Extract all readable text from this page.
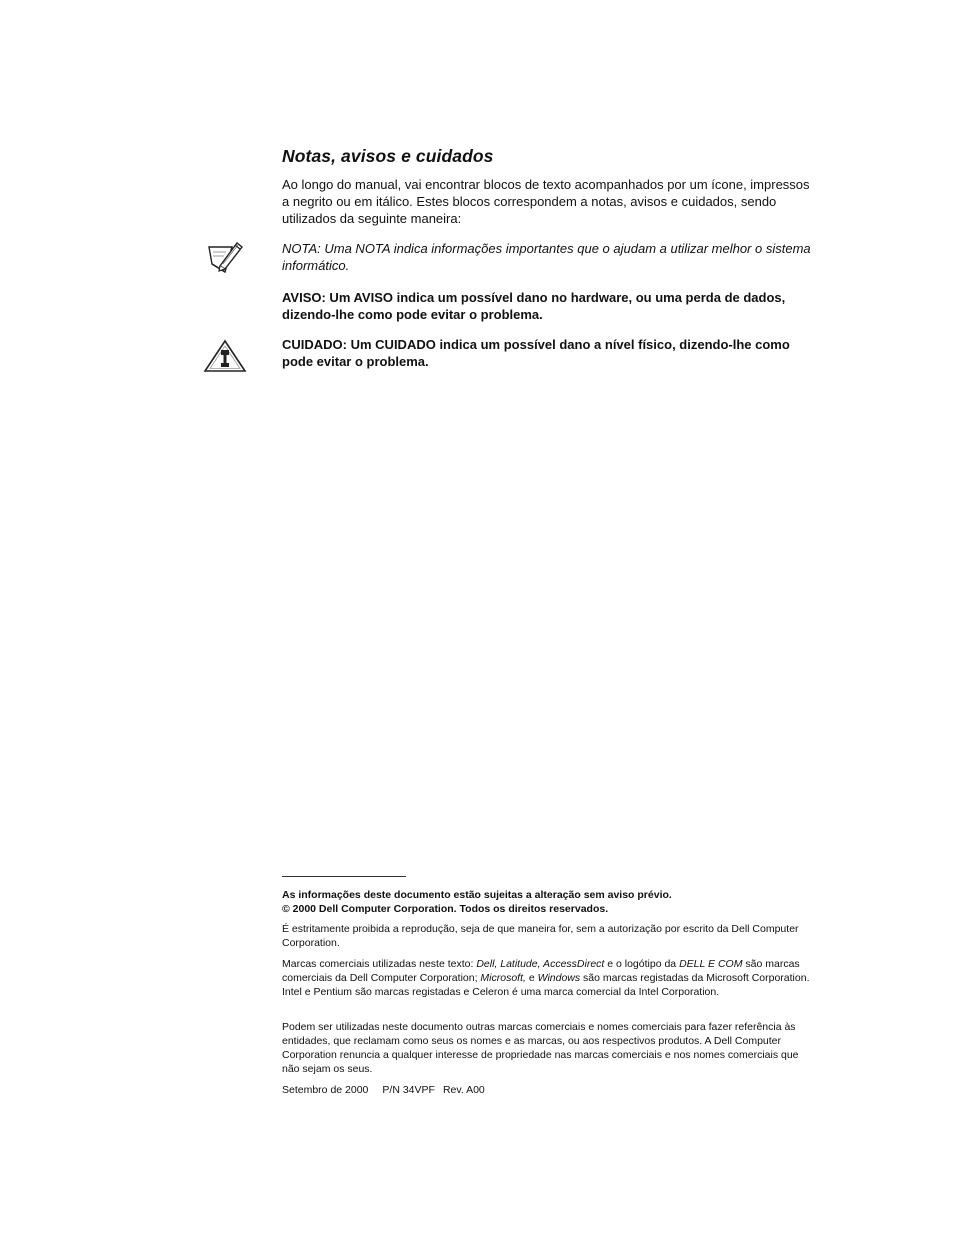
Notas, avisos e cuidados

Ao longo do manual, vai encontrar blocos de texto acompanhados por um ícone, impressos a negrito ou em itálico. Estes blocos correspondem a notas, avisos e cuidados, sendo utilizados da seguinte maneira:

NOTA: Uma NOTA indica informações importantes que o ajudam a utilizar melhor o sistema informático.

AVISO: Um AVISO indica um possível dano no hardware, ou uma perda de dados, dizendo-lhe como pode evitar o problema.

CUIDADO: Um CUIDADO indica um possível dano a nível físico, dizendo-lhe como pode evitar o problema.

As informações deste documento estão sujeitas a alteração sem aviso prévio.
© 2000 Dell Computer Corporation. Todos os direitos reservados.

É estritamente proibida a reprodução, seja de que maneira for, sem a autorização por escrito da Dell Computer Corporation.

Marcas comerciais utilizadas neste texto: Dell, Latitude, AccessDirect e o logótipo da DELL E COM são marcas comerciais da Dell Computer Corporation; Microsoft, e Windows são marcas registadas da Microsoft Corporation. Intel e Pentium são marcas registadas e Celeron é uma marca comercial da Intel Corporation.

Podem ser utilizadas neste documento outras marcas comerciais e nomes comerciais para fazer referência às entidades, que reclamam como seus os nomes e as marcas, ou aos respectivos produtos. A Dell Computer Corporation renuncia a qualquer interesse de propriedade nas marcas comerciais e nos nomes comerciais que não sejam os seus.

Setembro de 2000 P/N 34VPF Rev. A00
